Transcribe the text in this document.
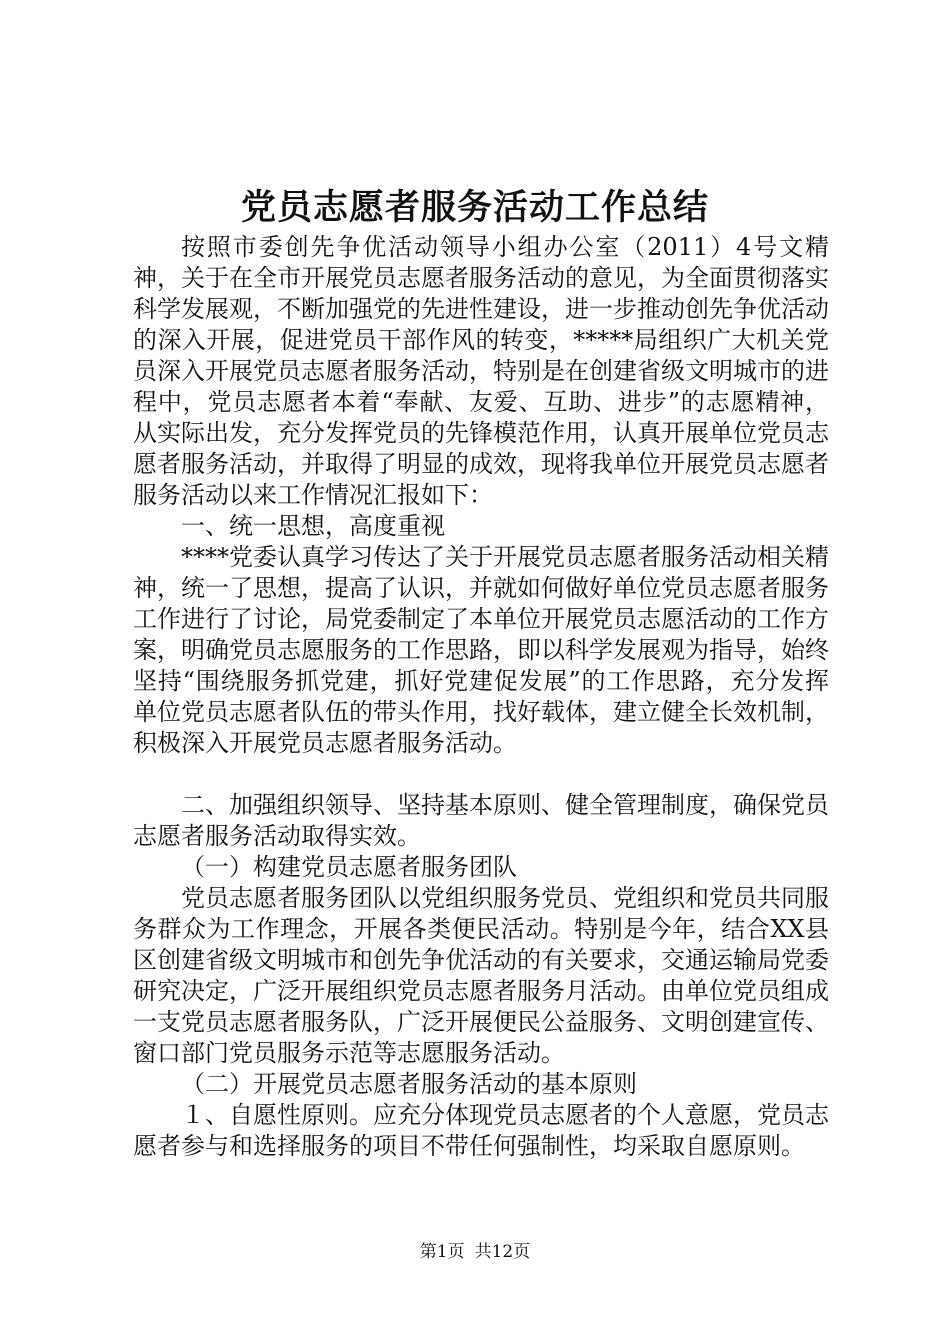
党员志愿者服务活动工作总结

按照市委创先争优活动领导小组办公室（2011）4号文精神，关于在全市开展党员志愿者服务活动的意见，为全面贯彻落实科学发展观，不断加强党的先进性建设，进一步推动创先争优活动的深入开展，促进党员干部作风的转变，*****局组织广大机关党员深入开展党员志愿者服务活动，特别是在创建省级文明城市的进程中，党员志愿者本着“奉献、友爱、互助、进步”的志愿精神，从实际出发，充分发挥党员的先锋模范作用，认真开展单位党员志愿者服务活动，并取得了明显的成效，现将我单位开展党员志愿者服务活动以来工作情况汇报如下：

一、统一思想，高度重视

****党委认真学习传达了关于开展党员志愿者服务活动相关精神，统一了思想，提高了认识，并就如何做好单位党员志愿者服务工作进行了讨论，局党委制定了本单位开展党员志愿活动的工作方案，明确党员志愿服务的工作思路，即以科学发展观为指导，始终坚持“围绕服务抓党建，抓好党建促发展”的工作思路，充分发挥单位党员志愿者队伍的带头作用，找好载体，建立健全长效机制，积极深入开展党员志愿者服务活动。

二、加强组织领导、坚持基本原则、健全管理制度，确保党员志愿者服务活动取得实效。

（一）构建党员志愿者服务团队

党员志愿者服务团队以党组织服务党员、党组织和党员共同服务群众为工作理念，开展各类便民活动。特别是今年，结合XX县区创建省级文明城市和创先争优活动的有关要求，交通运输局党委研究决定，广泛开展组织党员志愿者服务月活动。由单位党员组成一支党员志愿者服务队，广泛开展便民公益服务、文明创建宣传、窗口部门党员服务示范等志愿服务活动。

（二）开展党员志愿者服务活动的基本原则

１、自愿性原则。应充分体现党员志愿者的个人意愿，党员志愿者参与和选择服务的项目不带任何强制性，均采取自愿原则。

第1页 共12页
